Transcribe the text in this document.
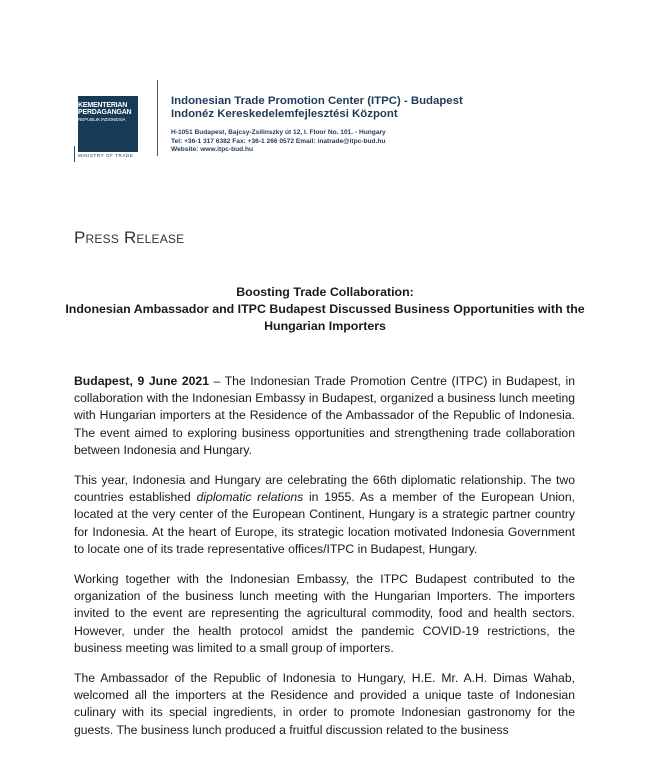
KEMENTERIAN
PERDAGANGAN
REPUBLIK INDONESIA
MINISTRY OF TRADE
Indonesian Trade Promotion Center (ITPC) - Budapest
Indonéz Kereskedelemfejlesztési Központ
H-1051 Budapest, Bajcsy-Zsilinszky út 12, I. Floor No. 101. - Hungary
Tel: +36-1 317 6382 Fax: +36-1 266 0572 Email: inatrade@itpc-bud.hu
Website: www.itpc-bud.hu
Press Release
Boosting Trade Collaboration:
Indonesian Ambassador and ITPC Budapest Discussed Business Opportunities with the Hungarian Importers

Budapest, 9 June 2021 – The Indonesian Trade Promotion Centre (ITPC) in Budapest, in collaboration with the Indonesian Embassy in Budapest, organized a business lunch meeting with Hungarian importers at the Residence of the Ambassador of the Republic of Indonesia. The event aimed to exploring business opportunities and strengthening trade collaboration between Indonesia and Hungary.

This year, Indonesia and Hungary are celebrating the 66th diplomatic relationship. The two countries established diplomatic relations in 1955. As a member of the European Union, located at the very center of the European Continent, Hungary is a strategic partner country for Indonesia. At the heart of Europe, its strategic location motivated Indonesia Government to locate one of its trade representative offices/ITPC in Budapest, Hungary.

Working together with the Indonesian Embassy, the ITPC Budapest contributed to the organization of the business lunch meeting with the Hungarian Importers. The importers invited to the event are representing the agricultural commodity, food and health sectors. However, under the health protocol amidst the pandemic COVID-19 restrictions, the business meeting was limited to a small group of importers.

The Ambassador of the Republic of Indonesia to Hungary, H.E. Mr. A.H. Dimas Wahab, welcomed all the importers at the Residence and provided a unique taste of Indonesian culinary with its special ingredients, in order to promote Indonesian gastronomy for the guests. The business lunch produced a fruitful discussion related to the business
